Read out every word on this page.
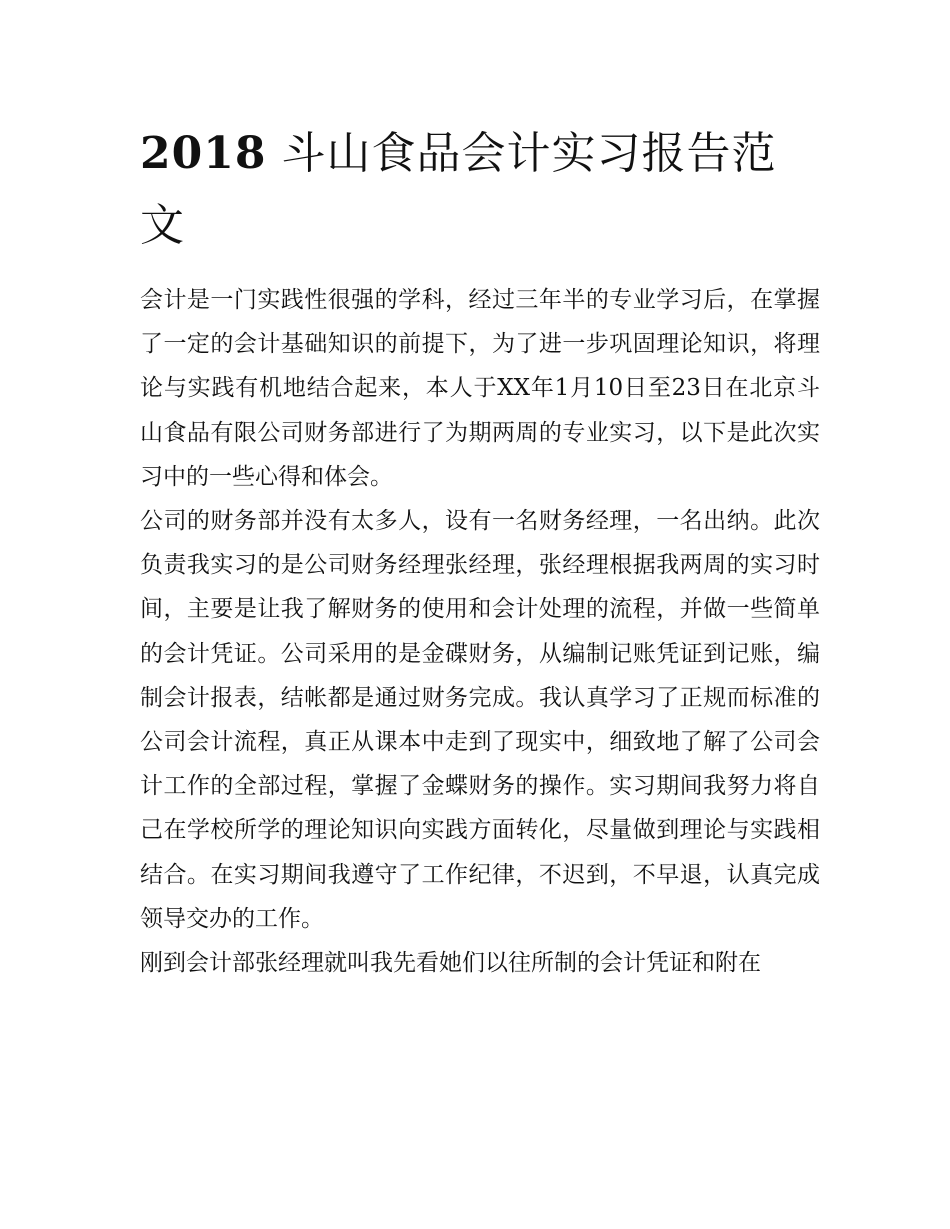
2018 斗山食品会计实习报告范文

会计是一门实践性很强的学科，经过三年半的专业学习后，在掌握了一定的会计基础知识的前提下，为了进一步巩固理论知识，将理论与实践有机地结合起来，本人于XX年1月10日至23日在北京斗山食品有限公司财务部进行了为期两周的专业实习，以下是此次实习中的一些心得和体会。

公司的财务部并没有太多人，设有一名财务经理，一名出纳。此次负责我实习的是公司财务经理张经理，张经理根据我两周的实习时间，主要是让我了解财务的使用和会计处理的流程，并做一些简单的会计凭证。公司采用的是金碟财务，从编制记账凭证到记账，编制会计报表，结帐都是通过财务完成。我认真学习了正规而标准的公司会计流程，真正从课本中走到了现实中，细致地了解了公司会计工作的全部过程，掌握了金蝶财务的操作。实习期间我努力将自己在学校所学的理论知识向实践方面转化，尽量做到理论与实践相结合。在实习期间我遵守了工作纪律，不迟到，不早退，认真完成领导交办的工作。

刚到会计部张经理就叫我先看她们以往所制的会计凭证和附在
